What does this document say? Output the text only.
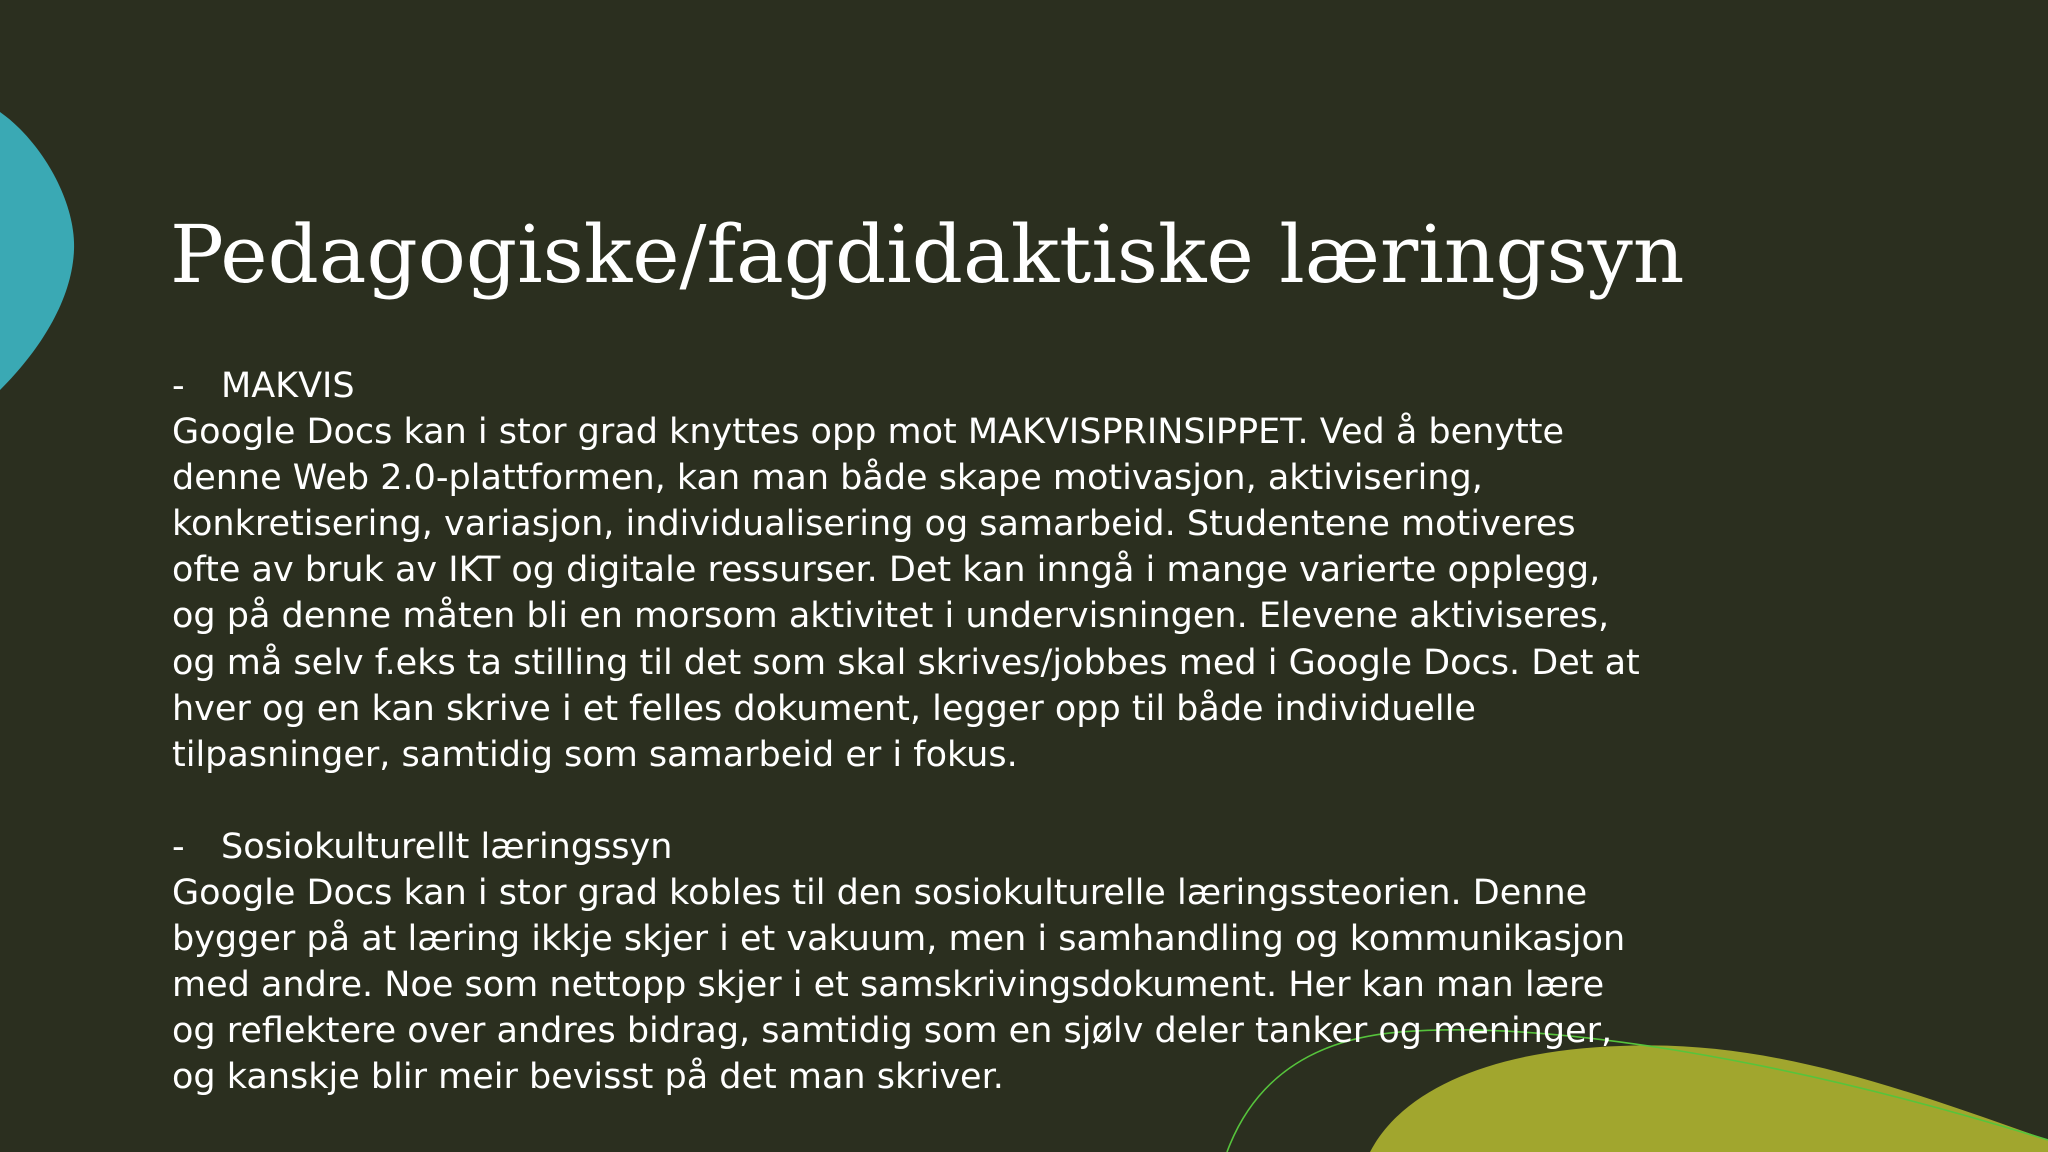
Pedagogiske/fagdidaktiske læringsyn
-	MAKVIS

Google Docs kan i stor grad knyttes opp mot MAKVISPRINSIPPET. Ved å benytte
denne Web 2.0-plattformen, kan man både skape motivasjon, aktivisering,
konkretisering, variasjon, individualisering og samarbeid. Studentene motiveres
ofte av bruk av IKT og digitale ressurser. Det kan inngå i mange varierte opplegg,
og på denne måten bli en morsom aktivitet i undervisningen. Elevene aktiviseres,
og må selv f.eks ta stilling til det som skal skrives/jobbes med i Google Docs. Det at
hver og en kan skrive i et felles dokument, legger opp til både individuelle
tilpasninger, samtidig som samarbeid er i fokus.

-	Sosiokulturellt læringssyn

Google Docs kan i stor grad kobles til den sosiokulturelle læringssteorien. Denne
bygger på at læring ikkje skjer i et vakuum, men i samhandling og kommunikasjon
med andre. Noe som nettopp skjer i et samskrivingsdokument. Her kan man lære
og reflektere over andres bidrag, samtidig som en sjølv deler tanker og meninger,
og kanskje blir meir bevisst på det man skriver.
